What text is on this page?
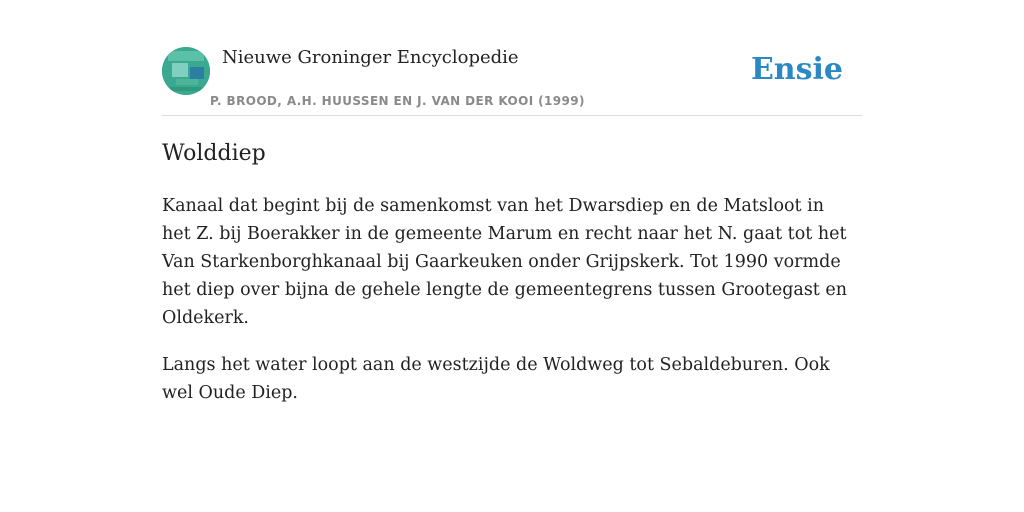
Nieuwe Groninger Encyclopedie
P. BROOD, A.H. HUUSSEN EN J. VAN DER KOOI (1999)
Ensie
Wolddiep

Kanaal dat begint bij de samenkomst van het Dwarsdiep en de Matsloot in het Z. bij Boerakker in de gemeente Marum en recht naar het N. gaat tot het Van Starkenborghkanaal bij Gaarkeuken onder Grijpskerk. Tot 1990 vormde het diep over bijna de gehele lengte de gemeentegrens tussen Grootegast en Oldekerk.

Langs het water loopt aan de westzijde de Woldweg tot Sebaldeburen. Ook wel Oude Diep.
